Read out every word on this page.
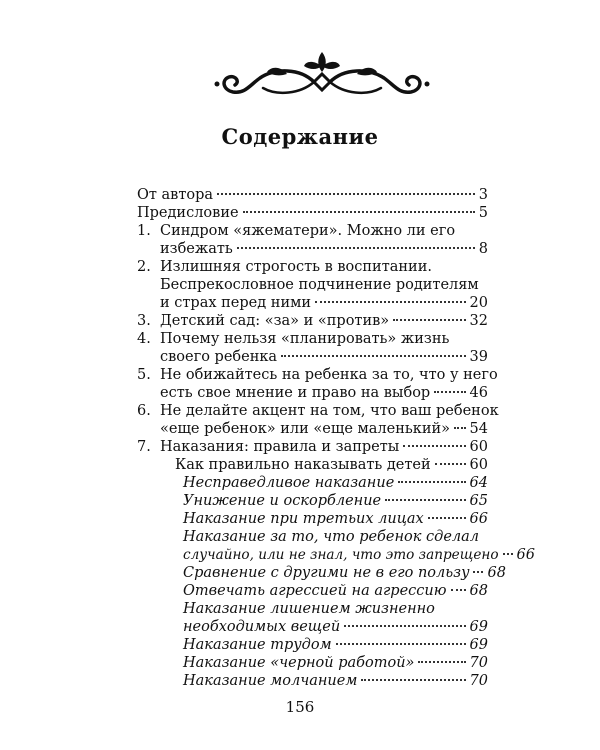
Содержание
От автора	3
Предисловие	5
1. Синдром «яжематери». Можно ли его
избежать	8
2. Излишняя строгость в воспитании.
Беспрекословное подчинение родителям
и страх перед ними	20
3. Детский сад: «за» и «против»	32
4. Почему нельзя «планировать» жизнь
своего ребенка	39
5. Не обижайтесь на ребенка за то, что у него
есть свое мнение и право на выбор	46
6. Не делайте акцент на том, что ваш ребенок
«еще ребенок» или «еще маленький» 54
7. Наказания: правила и запреты	60
Как правильно наказывать детей	60
Несправедливое наказание	64
Унижение и оскорбление	65
Наказание при третьих лицах	66
Наказание за то, что ребенок сделал
случайно, или не знал, что это запрещено 66
Сравнение с другими не в его пользу 68
Отвечать агрессией на агрессию 68
Наказание лишением жизненно
необходимых вещей	69
Наказание трудом	69
Наказание «черной работой»	70
Наказание молчанием	70
156
